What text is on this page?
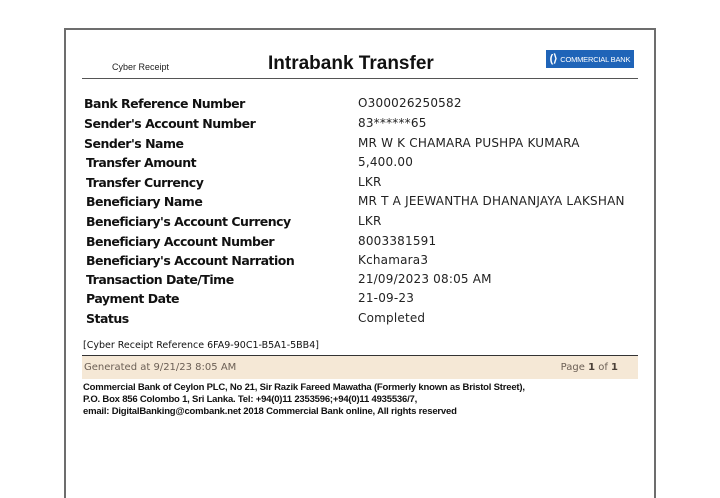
Cyber Receipt	Intrabank Transfer	(⟩ COMMERCIAL BANK
Bank Reference Number	O300026250582
Sender's Account Number	83******65
Sender's Name	MR W K CHAMARA PUSHPA KUMARA
Transfer Amount	5,400.00
Transfer Currency	LKR
Beneficiary Name	MR T A JEEWANTHA DHANANJAYA LAKSHAN
Beneficiary's Account Currency	LKR
Beneficiary Account Number	8003381591
Beneficiary's Account Narration	Kchamara3
Transaction Date/Time	21/09/2023 08:05 AM
Payment Date	21-09-23
Status	Completed
[Cyber Receipt Reference 6FA9-90C1-B5A1-5BB4]
Generated at 9/21/23 8:05 AM	Page 1 of 1
Commercial Bank of Ceylon PLC, No 21, Sir Razik Fareed Mawatha (Formerly known as Bristol Street),
P.O. Box 856 Colombo 1, Sri Lanka. Tel: +94(0)11 2353596;+94(0)11 4935536/7,
email: DigitalBanking@combank.net 2018 Commercial Bank online, All rights reserved
